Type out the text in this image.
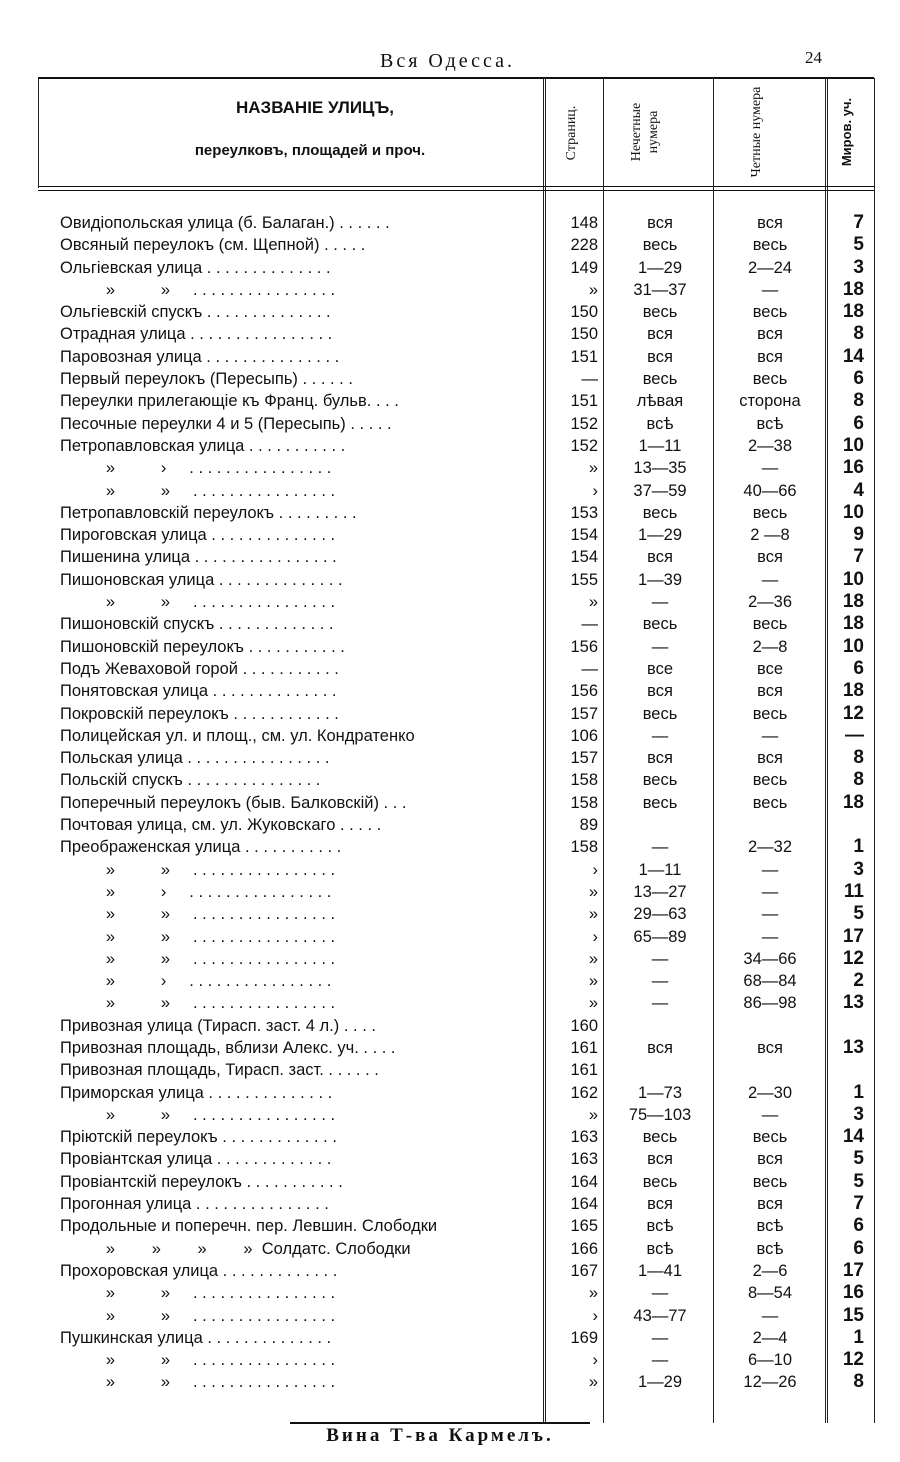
Вся Одесса.	24
НАЗВАНIЕ УЛИЦЪ,
переулковъ, площадей и проч.	Страниц.	Нечетные нумера	Четные нумера	Миров. уч.
Овидiопольская улица (б. Балаган.) . . . . . .	148	вся	вся	7
Овсяный переулокъ (см. Щепной) . . . . .	228	весь	весь	5
Ольгiевская улица . . . . . . . . . . . . . .	149	1—29	2—24	3
»          »     . . . . . . . . . . . . . . . .	»	31—37	—	18
Ольгiевскiй спускъ . . . . . . . . . . . . . .	150	весь	весь	18
Отрадная улица . . . . . . . . . . . . . . . .	150	вся	вся	8
Паровозная улица . . . . . . . . . . . . . . .	151	вся	вся	14
Первый переулокъ (Пересыпь) . . . . . .	—	весь	весь	6
Переулки прилегающiе къ Франц. бульв. . . .	151	лѣвая	сторона	8
Песочные переулки 4 и 5 (Пересыпь) . . . . .	152	всѣ	всѣ	6
Петропавловская улица . . . . . . . . . . .	152	1—11	2—38	10
»          ›     . . . . . . . . . . . . . . . .	»	13—35	—	16
»          »     . . . . . . . . . . . . . . . .	›	37—59	40—66	4
Петропавловскiй переулокъ . . . . . . . . .	153	весь	весь	10
Пироговская улица . . . . . . . . . . . . . .	154	1—29	2 —8	9
Пишенина улица . . . . . . . . . . . . . . . .	154	вся	вся	7
Пишоновская улица . . . . . . . . . . . . . .	155	1—39	—	10
»          »     . . . . . . . . . . . . . . . .	»	—	2—36	18
Пишоновскiй спускъ . . . . . . . . . . . . .	—	весь	весь	18
Пишоновскiй переулокъ . . . . . . . . . . .	156	—	2—8	10
Подъ Жеваховой горой . . . . . . . . . . .	—	все	все	6
Понятовская улица . . . . . . . . . . . . . .	156	вся	вся	18
Покровскiй переулокъ . . . . . . . . . . . .	157	весь	весь	12
Полицейская ул. и площ., см. ул. Кондратенко	106	—	—	—
Польская улица . . . . . . . . . . . . . . . .	157	вся	вся	8
Польскiй спускъ . . . . . . . . . . . . . . .	158	весь	весь	8
Поперечный переулокъ (быв. Балковскiй) . . .	158	весь	весь	18
Почтовая улица, см. ул. Жуковскаго . . . . .	89
Преображенская улица . . . . . . . . . . .	158	—	2—32	1
»          »     . . . . . . . . . . . . . . . .	›	1—11	—	3
»          ›     . . . . . . . . . . . . . . . .	»	13—27	—	11
»          »     . . . . . . . . . . . . . . . .	»	29—63	—	5
»          »     . . . . . . . . . . . . . . . .	›	65—89	—	17
»          »     . . . . . . . . . . . . . . . .	»	—	34—66	12
»          ›     . . . . . . . . . . . . . . . .	»	—	68—84	2
»          »     . . . . . . . . . . . . . . . .	»	—	86—98	13
Привозная улица (Тирасп. заст. 4 л.) . . . .	160
Привозная площадь, вблизи Алекс. уч. . . . .	161	вся	вся	13
Привозная площадь, Тирасп. заст. . . . . . .	161
Приморская улица . . . . . . . . . . . . . .	162	1—73	2—30	1
»          »     . . . . . . . . . . . . . . . .	»	75—103	—	3
Прiютскiй переулокъ . . . . . . . . . . . . .	163	весь	весь	14
Провiантская улица . . . . . . . . . . . . .	163	вся	вся	5
Провiантскiй переулокъ . . . . . . . . . . .	164	весь	весь	5
Прогонная улица . . . . . . . . . . . . . . .	164	вся	вся	7
Продольные и поперечн. пер. Левшин. Слободки	165	всѣ	всѣ	6
»        »        »        »  Солдатс. Слободки	166	всѣ	всѣ	6
Прохоровская улица . . . . . . . . . . . . .	167	1—41	2—6	17
»          »     . . . . . . . . . . . . . . . .	»	—	8—54	16
»          »     . . . . . . . . . . . . . . . .	›	43—77	—	15
Пушкинская улица . . . . . . . . . . . . . .	169	—	2—4	1
»          »     . . . . . . . . . . . . . . . .	›	—	6—10	12
»          »     . . . . . . . . . . . . . . . .	»	1—29	12—26	8
Вина Т-ва Кармелъ.
